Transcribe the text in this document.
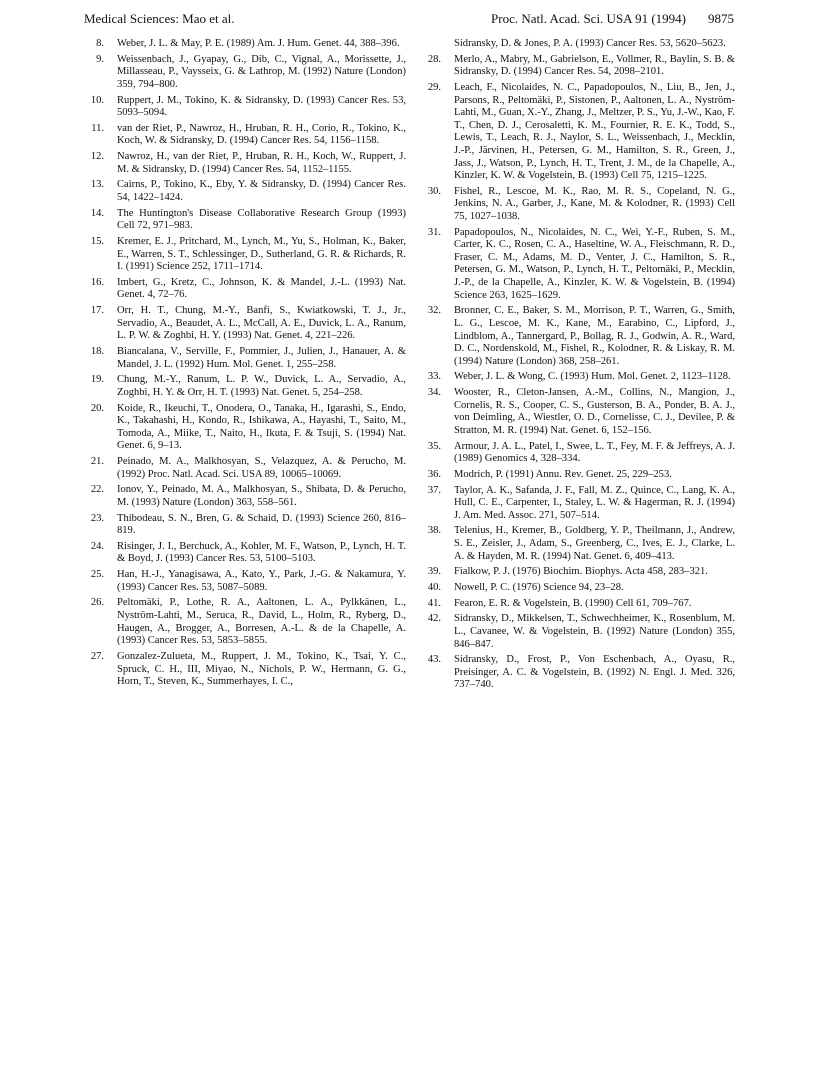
Medical Sciences: Mao et al.	Proc. Natl. Acad. Sci. USA 91 (1994) 9875
8. Weber, J. L. & May, P. E. (1989) Am. J. Hum. Genet. 44, 388–396.
9. Weissenbach, J., Gyapay, G., Dib, C., Vignal, A., Morissette, J., Millasseau, P., Vaysseix, G. & Lathrop, M. (1992) Nature (London) 359, 794–800.
10. Ruppert, J. M., Tokino, K. & Sidransky, D. (1993) Cancer Res. 53, 5093–5094.
11. van der Riet, P., Nawroz, H., Hruban, R. H., Corio, R., Tokino, K., Koch, W. & Sidransky, D. (1994) Cancer Res. 54, 1156–1158.
12. Nawroz, H., van der Riet, P., Hruban, R. H., Koch, W., Ruppert, J. M. & Sidransky, D. (1994) Cancer Res. 54, 1152–1155.
13. Cairns, P., Tokino, K., Eby, Y. & Sidransky, D. (1994) Cancer Res. 54, 1422–1424.
14. The Huntington's Disease Collaborative Research Group (1993) Cell 72, 971–983.
15. Kremer, E. J., Pritchard, M., Lynch, M., Yu, S., Holman, K., Baker, E., Warren, S. T., Schlessinger, D., Sutherland, G. R. & Richards, R. I. (1991) Science 252, 1711–1714.
16. Imbert, G., Kretz, C., Johnson, K. & Mandel, J.-L. (1993) Nat. Genet. 4, 72–76.
17. Orr, H. T., Chung, M.-Y., Banfi, S., Kwiatkowski, T. J., Jr., Servadio, A., Beaudet, A. L., McCall, A. E., Duvick, L. A., Ranum, L. P. W. & Zoghbi, H. Y. (1993) Nat. Genet. 4, 221–226.
18. Biancalana, V., Serville, F., Pommier, J., Julien, J., Hanauer, A. & Mandel, J. L. (1992) Hum. Mol. Genet. 1, 255–258.
19. Chung, M.-Y., Ranum, L. P. W., Duvick, L. A., Servadio, A., Zoghbi, H. Y. & Orr, H. T. (1993) Nat. Genet. 5, 254–258.
20. Koide, R., Ikeuchi, T., Onodera, O., Tanaka, H., Igarashi, S., Endo, K., Takahashi, H., Kondo, R., Ishikawa, A., Hayashi, T., Saito, M., Tomoda, A., Miike, T., Naito, H., Ikuta, F. & Tsuji, S. (1994) Nat. Genet. 6, 9–13.
21. Peinado, M. A., Malkhosyan, S., Velazquez, A. & Perucho, M. (1992) Proc. Natl. Acad. Sci. USA 89, 10065–10069.
22. Ionov, Y., Peinado, M. A., Malkhosyan, S., Shibata, D. & Perucho, M. (1993) Nature (London) 363, 558–561.
23. Thibodeau, S. N., Bren, G. & Schaid, D. (1993) Science 260, 816–819.
24. Risinger, J. I., Berchuck, A., Kohler, M. F., Watson, P., Lynch, H. T. & Boyd, J. (1993) Cancer Res. 53, 5100–5103.
25. Han, H.-J., Yanagisawa, A., Kato, Y., Park, J.-G. & Nakamura, Y. (1993) Cancer Res. 53, 5087–5089.
26. Peltomäki, P., Lothe, R. A., Aaltonen, L. A., Pylkkänen, L., Nyström-Lahti, M., Seruca, R., David, L., Holm, R., Ryberg, D., Haugen, A., Brogger, A., Borresen, A.-L. & de la Chapelle, A. (1993) Cancer Res. 53, 5853–5855.
27. Gonzalez-Zulueta, M., Ruppert, J. M., Tokino, K., Tsai, Y. C., Spruck, C. H., III, Miyao, N., Nichols, P. W., Hermann, G. G., Horn, T., Steven, K., Summerhayes, I. C.,
Sidransky, D. & Jones, P. A. (1993) Cancer Res. 53, 5620–5623.
28. Merlo, A., Mabry, M., Gabrielson, E., Vollmer, R., Baylin, S. B. & Sidransky, D. (1994) Cancer Res. 54, 2098–2101.
29. Leach, F., Nicolaides, N. C., Papadopoulos, N., Liu, B., Jen, J., Parsons, R., Peltomäki, P., Sistonen, P., Aaltonen, L. A., Nyström-Lahti, M., Guan, X.-Y., Zhang, J., Meltzer, P. S., Yu, J.-W., Kao, F. T., Chen, D. J., Cerosaletti, K. M., Fournier, R. E. K., Todd, S., Lewis, T., Leach, R. J., Naylor, S. L., Weissenbach, J., Mecklin, J.-P., Järvinen, H., Petersen, G. M., Hamilton, S. R., Green, J., Jass, J., Watson, P., Lynch, H. T., Trent, J. M., de la Chapelle, A., Kinzler, K. W. & Vogelstein, B. (1993) Cell 75, 1215–1225.
30. Fishel, R., Lescoe, M. K., Rao, M. R. S., Copeland, N. G., Jenkins, N. A., Garber, J., Kane, M. & Kolodner, R. (1993) Cell 75, 1027–1038.
31. Papadopoulos, N., Nicolaides, N. C., Wei, Y.-F., Ruben, S. M., Carter, K. C., Rosen, C. A., Haseltine, W. A., Fleischmann, R. D., Fraser, C. M., Adams, M. D., Venter, J. C., Hamilton, S. R., Petersen, G. M., Watson, P., Lynch, H. T., Peltomäki, P., Mecklin, J.-P., de la Chapelle, A., Kinzler, K. W. & Vogelstein, B. (1994) Science 263, 1625–1629.
32. Bronner, C. E., Baker, S. M., Morrison, P. T., Warren, G., Smith, L. G., Lescoe, M. K., Kane, M., Earabino, C., Lipford, J., Lindblom, A., Tannergard, P., Bollag, R. J., Godwin, A. R., Ward, D. C., Nordenskold, M., Fishel, R., Kolodner, R. & Liskay, R. M. (1994) Nature (London) 368, 258–261.
33. Weber, J. L. & Wong, C. (1993) Hum. Mol. Genet. 2, 1123–1128.
34. Wooster, R., Cleton-Jansen, A.-M., Collins, N., Mangion, J., Cornelis, R. S., Cooper, C. S., Gusterson, B. A., Ponder, B. A. J., von Deimling, A., Wiestler, O. D., Cornelisse, C. J., Devilee, P. & Stratton, M. R. (1994) Nat. Genet. 6, 152–156.
35. Armour, J. A. L., Patel, I., Swee, L. T., Fey, M. F. & Jeffreys, A. J. (1989) Genomics 4, 328–334.
36. Modrich, P. (1991) Annu. Rev. Genet. 25, 229–253.
37. Taylor, A. K., Safanda, J. F., Fall, M. Z., Quince, C., Lang, K. A., Hull, C. E., Carpenter, I., Staley, L. W. & Hagerman, R. J. (1994) J. Am. Med. Assoc. 271, 507–514.
38. Telenius, H., Kremer, B., Goldberg, Y. P., Theilmann, J., Andrew, S. E., Zeisler, J., Adam, S., Greenberg, C., Ives, E. J., Clarke, L. A. & Hayden, M. R. (1994) Nat. Genet. 6, 409–413.
39. Fialkow, P. J. (1976) Biochim. Biophys. Acta 458, 283–321.
40. Nowell, P. C. (1976) Science 94, 23–28.
41. Fearon, E. R. & Vogelstein, B. (1990) Cell 61, 709–767.
42. Sidransky, D., Mikkelsen, T., Schwechheimer, K., Rosenblum, M. L., Cavanee, W. & Vogelstein, B. (1992) Nature (London) 355, 846–847.
43. Sidransky, D., Frost, P., Von Eschenbach, A., Oyasu, R., Preisinger, A. C. & Vogelstein, B. (1992) N. Engl. J. Med. 326, 737–740.
